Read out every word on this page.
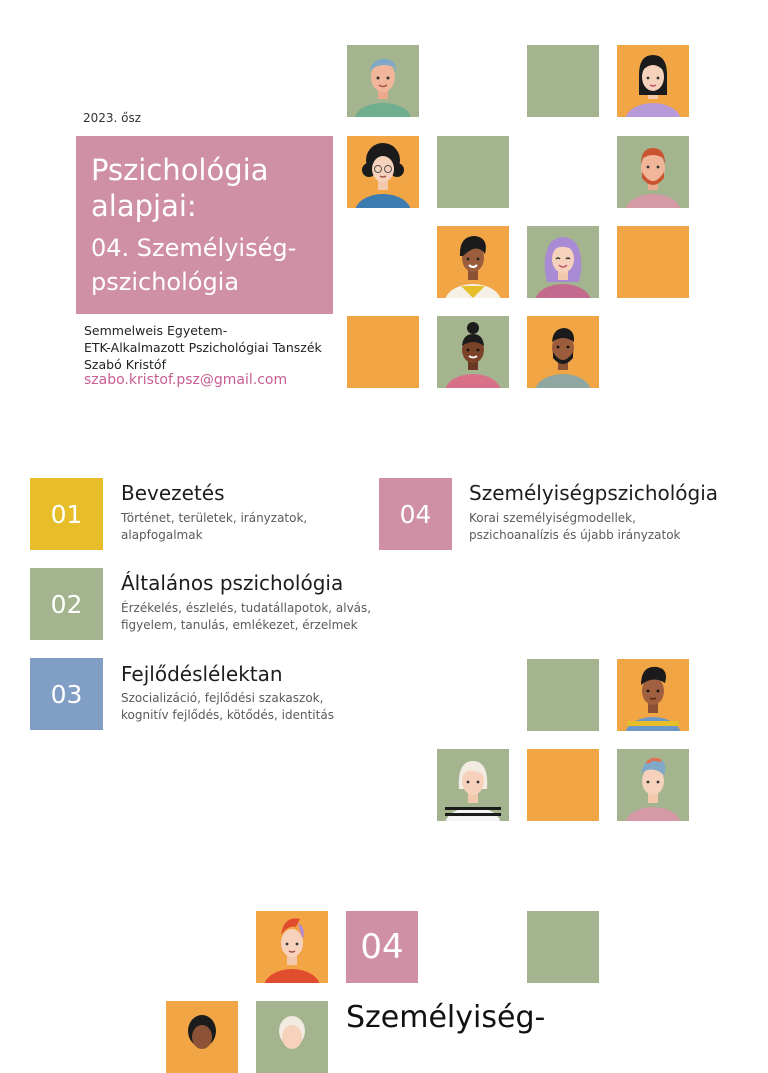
2023. ősz
Pszichológia
alapjai:
04. Személyiség-
pszichológia
Semmelweis Egyetem-
ETK-Alkalmazott Pszichológiai Tanszék
Szabó Kristóf
szabo.kristof.psz@gmail.com
01
Bevezetés
Történet, területek, irányzatok,
alapfogalmak
02
Általános pszichológia
Érzékelés, észlelés, tudatállapotok, alvás,
figyelem, tanulás, emlékezet, érzelmek
03
Fejlődéslélektan
Szocializáció, fejlődési szakaszok,
kognitív fejlődés, kötődés, identitás
04
Személyiségpszichológia
Korai személyiségmodellek,
pszichoanalízis és újabb irányzatok
04
Személyiség-
